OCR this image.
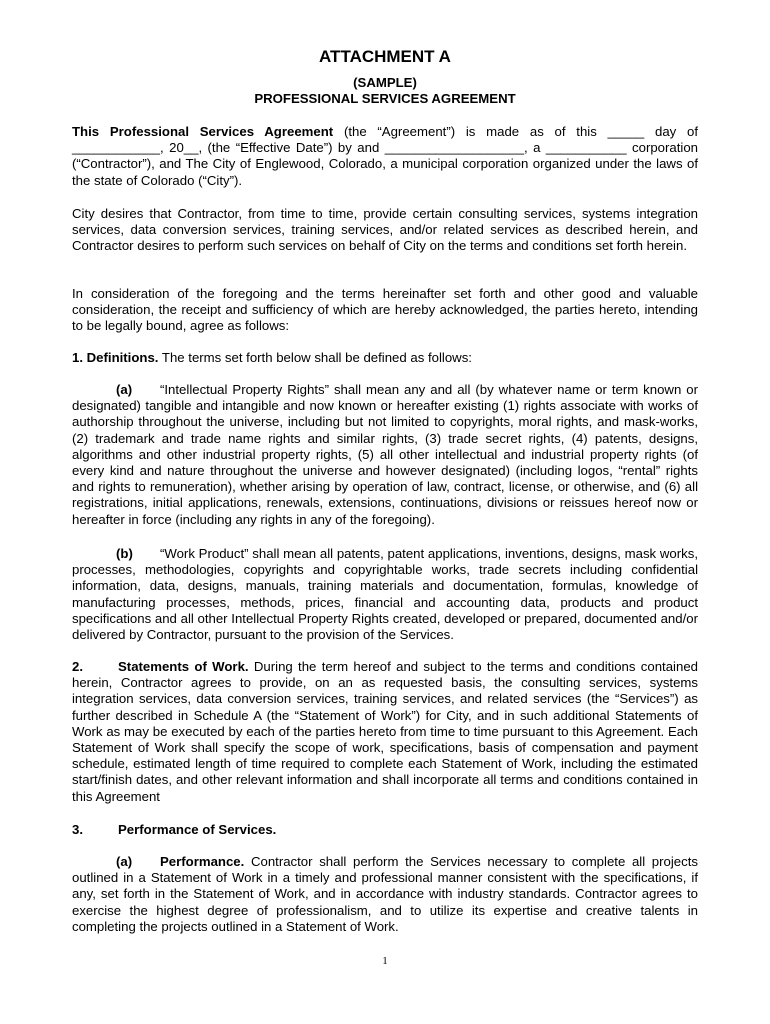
ATTACHMENT A
(SAMPLE)
PROFESSIONAL SERVICES AGREEMENT

This Professional Services Agreement (the “Agreement”) is made as of this _____ day of ____________, 20__, (the “Effective Date”) by and ___________________, a ___________ corporation (“Contractor”), and The City of Englewood, Colorado, a municipal corporation organized under the laws of the state of Colorado (“City”).

City desires that Contractor, from time to time, provide certain consulting services, systems integration services, data conversion services, training services, and/or related services as described herein, and Contractor desires to perform such services on behalf of City on the terms and conditions set forth herein.

In consideration of the foregoing and the terms hereinafter set forth and other good and valuable consideration, the receipt and sufficiency of which are hereby acknowledged, the parties hereto, intending to be legally bound, agree as follows:

1. Definitions. The terms set forth below shall be defined as follows:

(a) “Intellectual Property Rights” shall mean any and all (by whatever name or term known or designated) tangible and intangible and now known or hereafter existing (1) rights associate with works of authorship throughout the universe, including but not limited to copyrights, moral rights, and mask-works, (2) trademark and trade name rights and similar rights, (3) trade secret rights, (4) patents, designs, algorithms and other industrial property rights, (5) all other intellectual and industrial property rights (of every kind and nature throughout the universe and however designated) (including logos, “rental” rights and rights to remuneration), whether arising by operation of law, contract, license, or otherwise, and (6) all registrations, initial applications, renewals, extensions, continuations, divisions or reissues hereof now or hereafter in force (including any rights in any of the foregoing).

(b) “Work Product” shall mean all patents, patent applications, inventions, designs, mask works, processes, methodologies, copyrights and copyrightable works, trade secrets including confidential information, data, designs, manuals, training materials and documentation, formulas, knowledge of manufacturing processes, methods, prices, financial and accounting data, products and product specifications and all other Intellectual Property Rights created, developed or prepared, documented and/or delivered by Contractor, pursuant to the provision of the Services.

2.	Statements of Work. During the term hereof and subject to the terms and conditions contained herein, Contractor agrees to provide, on an as requested basis, the consulting services, systems integration services, data conversion services, training services, and related services (the “Services”) as further described in Schedule A (the “Statement of Work”) for City, and in such additional Statements of Work as may be executed by each of the parties hereto from time to time pursuant to this Agreement. Each Statement of Work shall specify the scope of work, specifications, basis of compensation and payment schedule, estimated length of time required to complete each Statement of Work, including the estimated start/finish dates, and other relevant information and shall incorporate all terms and conditions contained in this Agreement

3.	Performance of Services.

(a) Performance. Contractor shall perform the Services necessary to complete all projects outlined in a Statement of Work in a timely and professional manner consistent with the specifications, if any, set forth in the Statement of Work, and in accordance with industry standards. Contractor agrees to exercise the highest degree of professionalism, and to utilize its expertise and creative talents in completing the projects outlined in a Statement of Work.

1
